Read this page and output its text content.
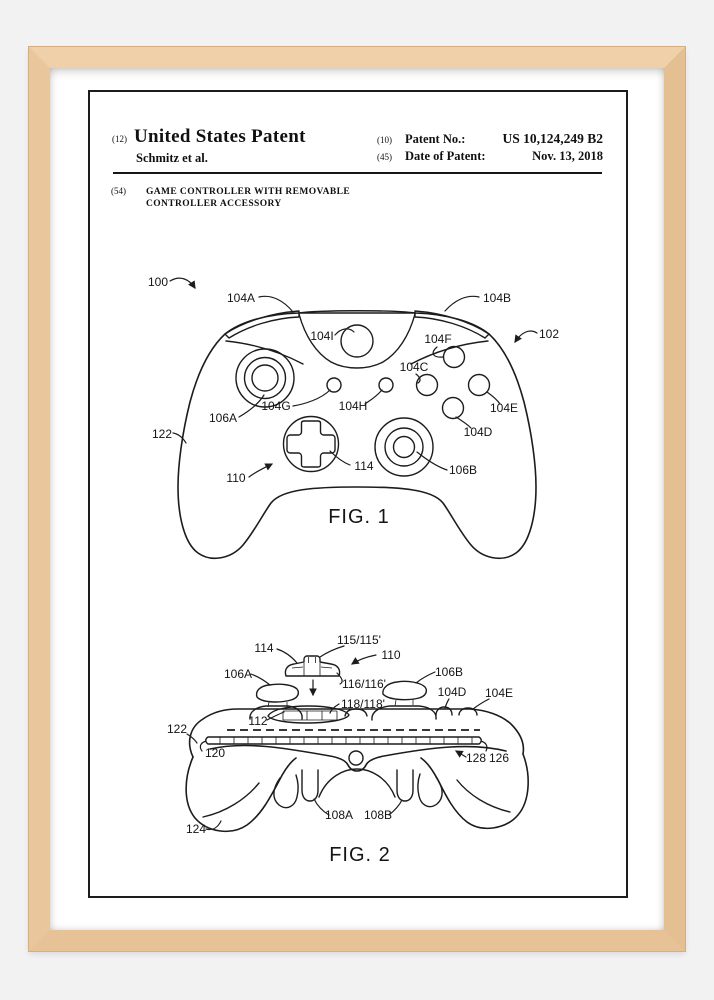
(12) United States Patent
Schmitz et al.
(10) Patent No.:	US 10,124,249 B2
(45) Date of Patent:	Nov. 13, 2018
(54) GAME CONTROLLER WITH REMOVABLE
CONTROLLER ACCESSORY
100
104A	104B
102
104I	104F
104C
104G	104H	104E
104D
106A
122
110
114	106B
FIG. 1
114
115/115'
110
106A	106B
116/116'
104D 104E
118/118'
112
122
120	128 126
108A 108B
124
FIG. 2
